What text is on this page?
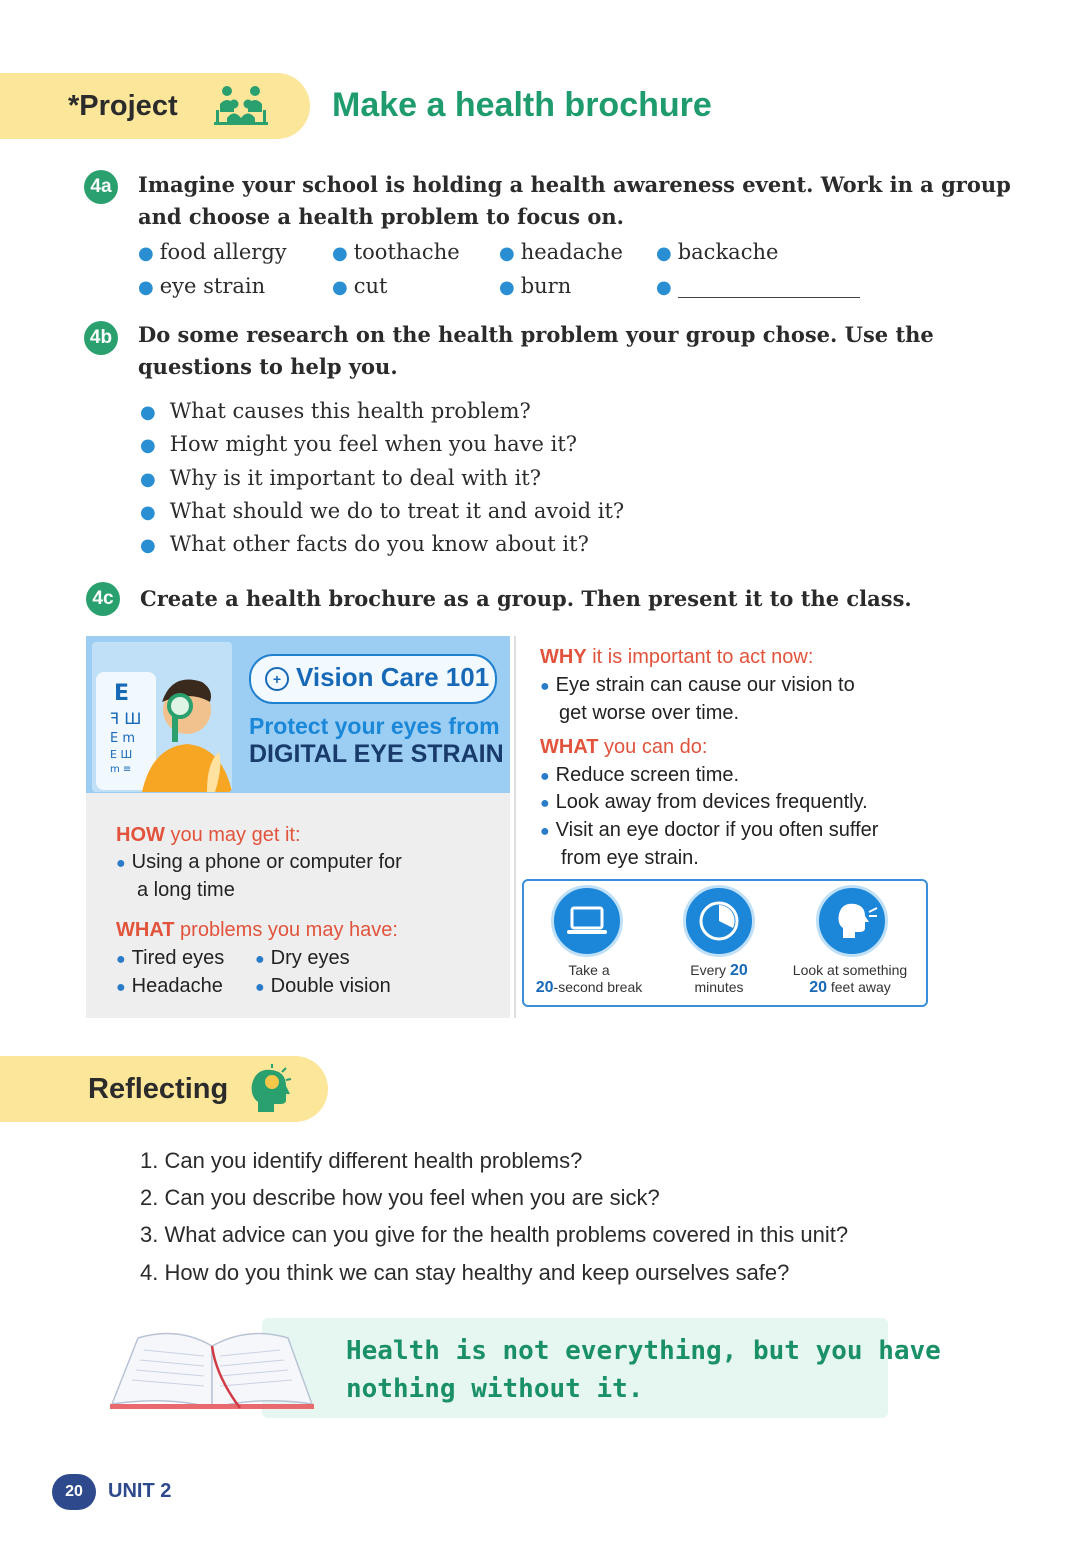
*Project	Make a health brochure
4a	Imagine your school is holding a health awareness event. Work in a group
and choose a health problem to focus on.
● food allergy	● toothache ● headache ● backache
● eye strain	● cut	● burn	●
4b Do some research on the health problem your group chose. Use the
questions to help you.
● What causes this health problem?
● How might you feel when you have it?
● Why is it important to deal with it?
● What should we do to treat it and avoid it?
● What other facts do you know about it?
4c	Create a health brochure as a group. Then present it to the class.
E
ꟻ Ш
E m
E Ш
m ≡
+ Vision Care 101
Protect your eyes from
DIGITAL EYE STRAIN
HOW you may get it:
● Using a phone or computer for
a long time
WHAT problems you may have:
● Tired eyes ● Dry eyes
● Headache ● Double vision
WHY it is important to act now:
● Eye strain can cause our vision to
get worse over time.
WHAT you can do:
● Reduce screen time.
● Look away from devices frequently.
● Visit an eye doctor if you often suffer
from eye strain.
Take a
20-second break
Every 20
minutes
Look at something
20 feet away
Reflecting
1. Can you identify different health problems?
2. Can you describe how you feel when you are sick?
3. What advice can you give for the health problems covered in this unit?
4. How do you think we can stay healthy and keep ourselves safe?
Health is not everything, but you have
nothing without it.
20	UNIT 2
